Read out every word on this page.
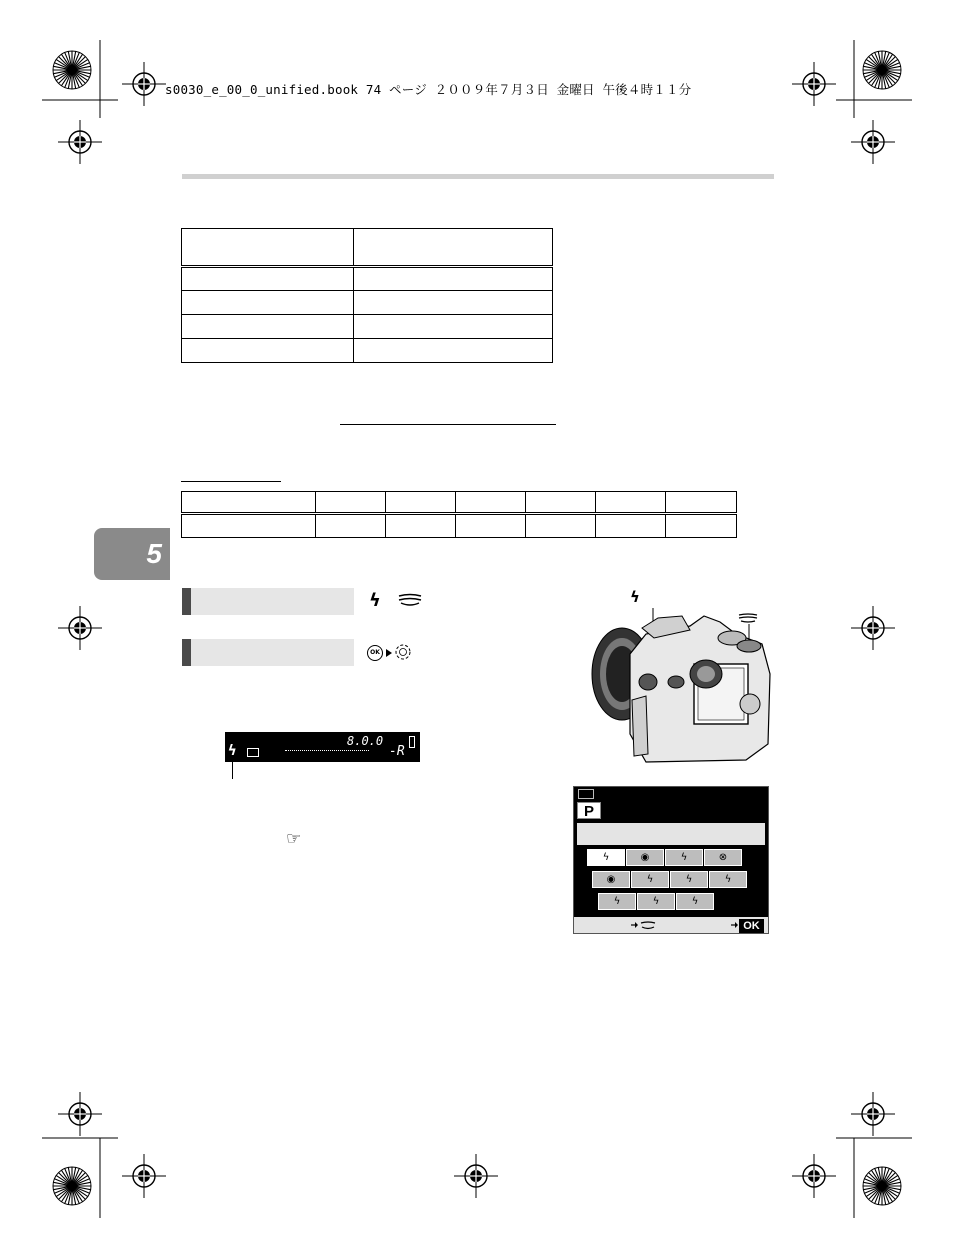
s0030_e_00_0_unified.book 74 ページ ２００９年７月３日 金曜日 午後４時１１分

5
ϟ
OK
ϟ
8.0.0
-R
☞
ϟ
P
ϟ	◉	ϟ	⊗
◉	ϟ	ϟ	ϟ
ϟ	ϟ	ϟ
OK
